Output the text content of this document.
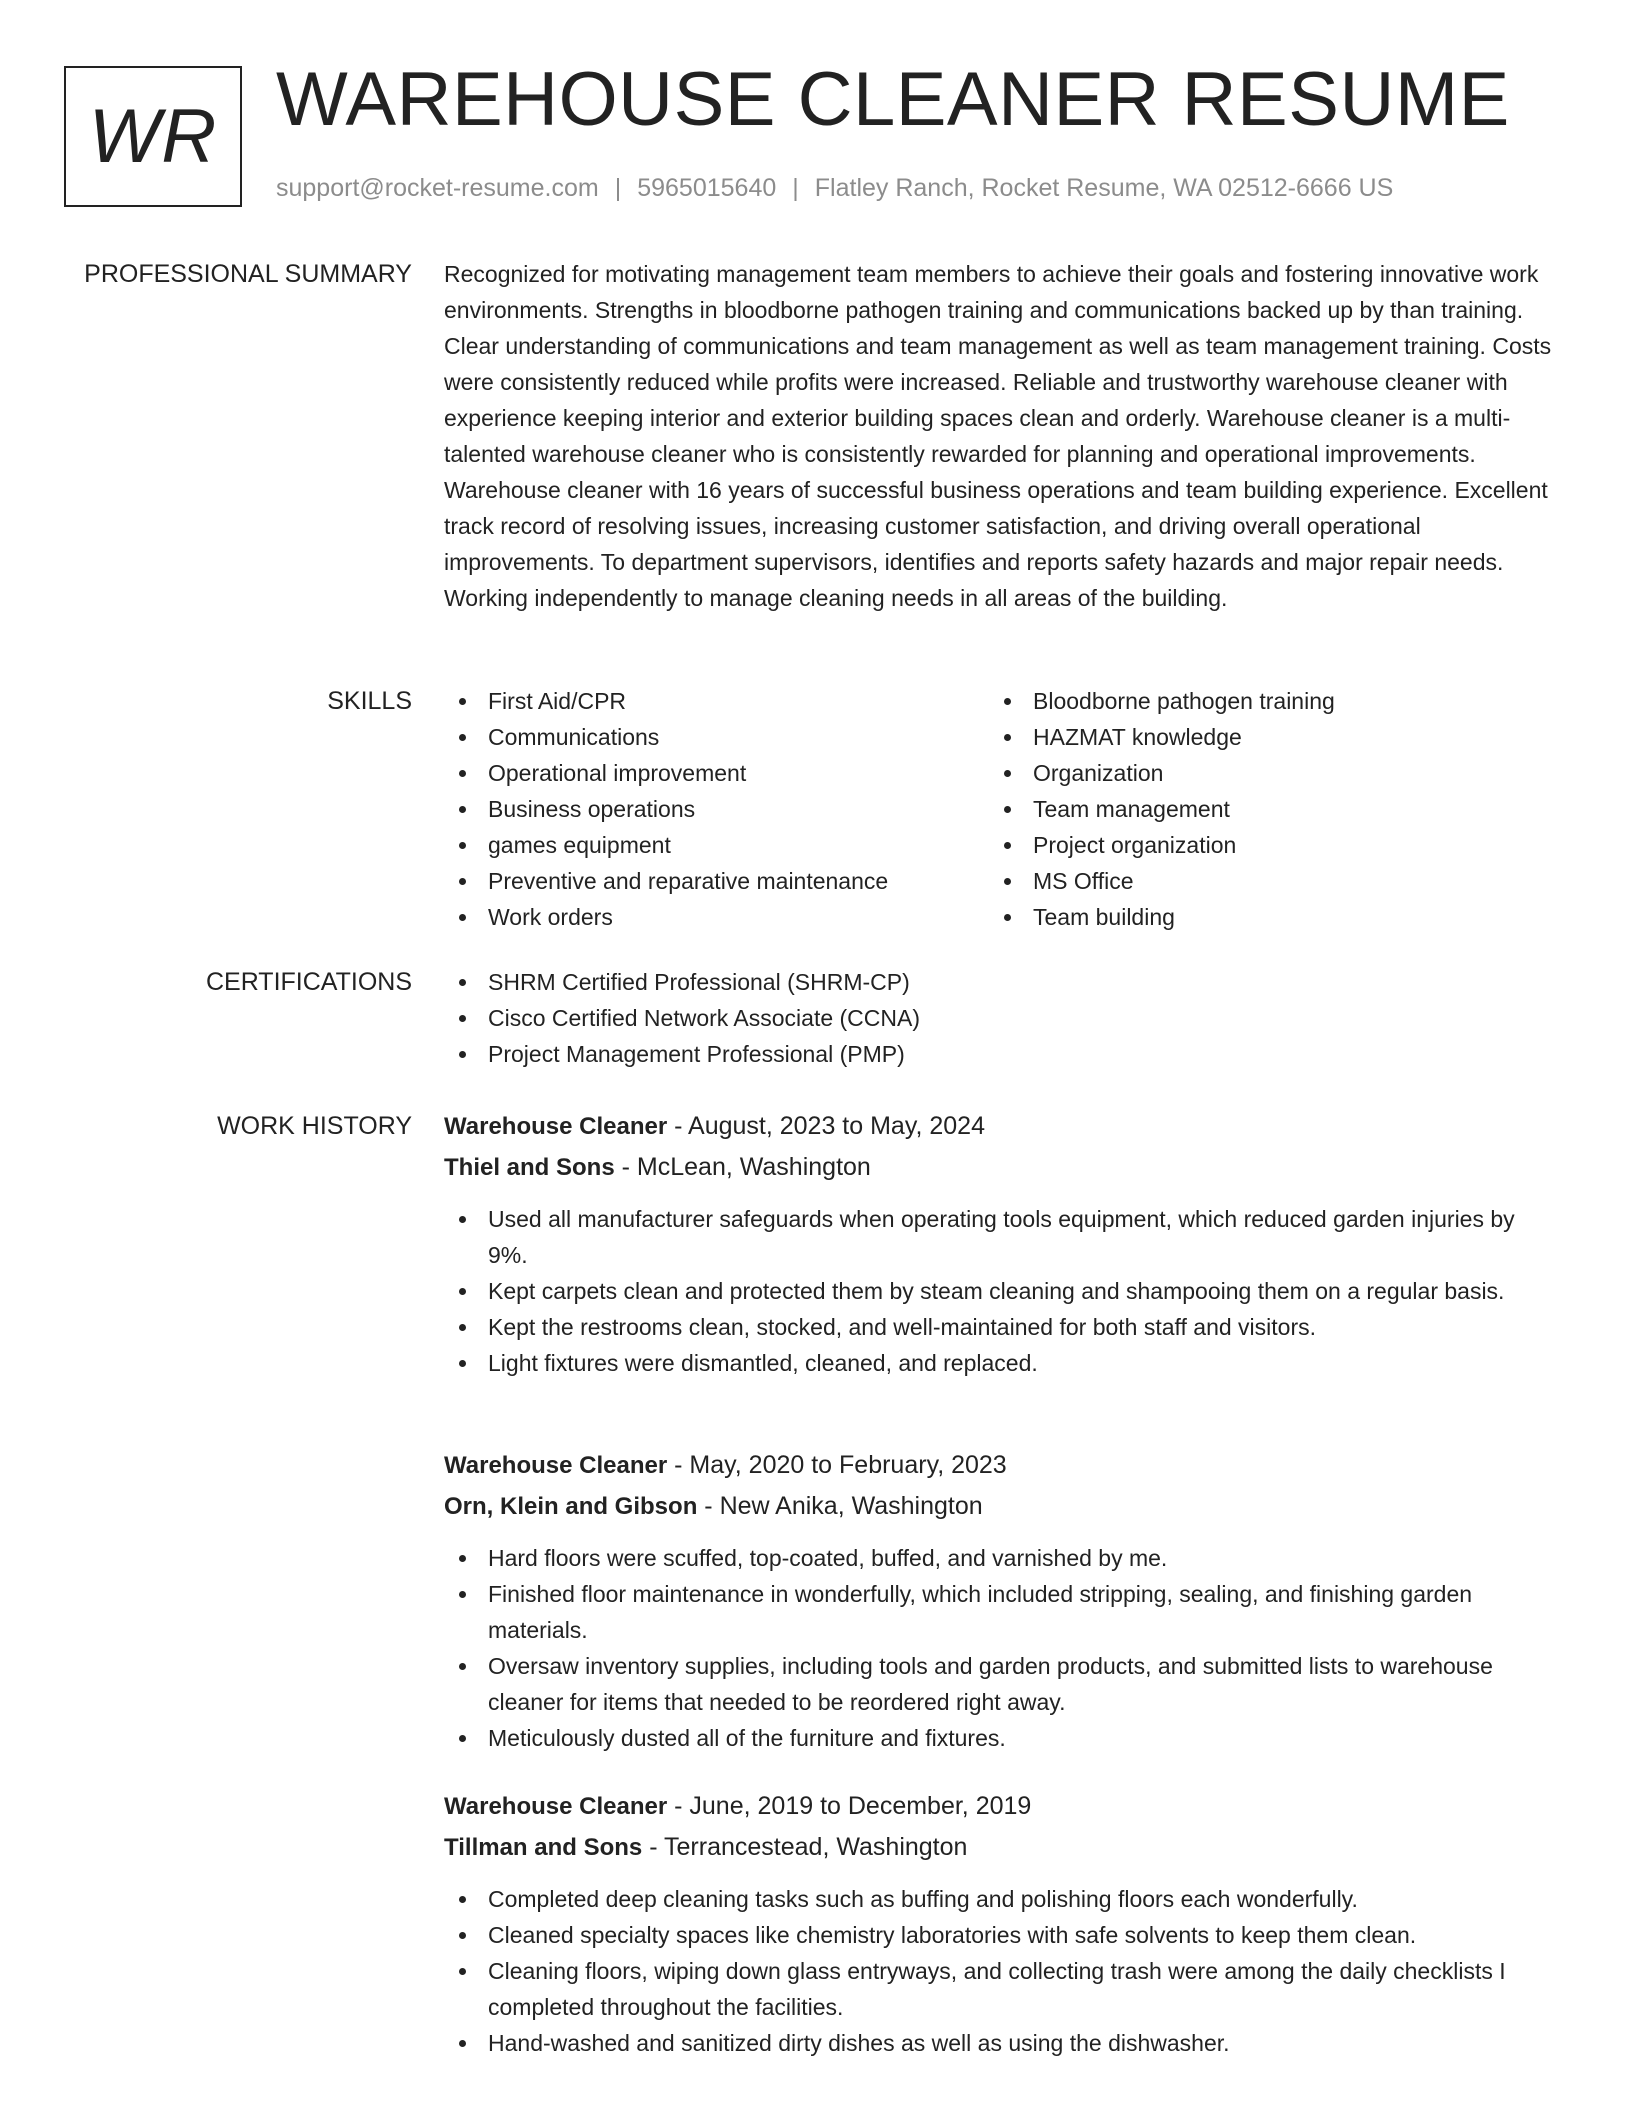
WR WAREHOUSE CLEANER RESUME
support@rocket-resume.com | 5965015640 | Flatley Ranch, Rocket Resume, WA 02512-6666 US
PROFESSIONAL SUMMARY Recognized for motivating management team members to achieve their goals and fostering innovative work environments. Strengths in bloodborne pathogen training and communications backed up by than training. Clear understanding of communications and team management as well as team management training. Costs were consistently reduced while profits were increased. Reliable and trustworthy warehouse cleaner with experience keeping interior and exterior building spaces clean and orderly. Warehouse cleaner is a multi-talented warehouse cleaner who is consistently rewarded for planning and operational improvements. Warehouse cleaner with 16 years of successful business operations and team building experience. Excellent track record of resolving issues, increasing customer satisfaction, and driving overall operational improvements. To department supervisors, identifies and reports safety hazards and major repair needs. Working independently to manage cleaning needs in all areas of the building.

SKILLS	First Aid/CPR
Communications
Operational improvement
Business operations
games equipment
Preventive and reparative maintenance
Work orders
Bloodborne pathogen training
HAZMAT knowledge
Organization
Team management
Project organization
MS Office
Team building
CERTIFICATIONS	SHRM Certified Professional (SHRM-CP)
Cisco Certified Network Associate (CCNA)
Project Management Professional (PMP)
WORK HISTORY Warehouse Cleaner - August, 2023 to May, 2024
Thiel and Sons - McLean, Washington
Used all manufacturer safeguards when operating tools equipment, which reduced garden injuries by 9%.
Kept carpets clean and protected them by steam cleaning and shampooing them on a regular basis.
Kept the restrooms clean, stocked, and well-maintained for both staff and visitors.
Light fixtures were dismantled, cleaned, and replaced.
Warehouse Cleaner - May, 2020 to February, 2023
Orn, Klein and Gibson - New Anika, Washington
Hard floors were scuffed, top-coated, buffed, and varnished by me.
Finished floor maintenance in wonderfully, which included stripping, sealing, and finishing garden materials.
Oversaw inventory supplies, including tools and garden products, and submitted lists to warehouse cleaner for items that needed to be reordered right away.
Meticulously dusted all of the furniture and fixtures.
Warehouse Cleaner - June, 2019 to December, 2019
Tillman and Sons - Terrancestead, Washington
Completed deep cleaning tasks such as buffing and polishing floors each wonderfully.
Cleaned specialty spaces like chemistry laboratories with safe solvents to keep them clean.
Cleaning floors, wiping down glass entryways, and collecting trash were among the daily checklists I completed throughout the facilities.
Hand-washed and sanitized dirty dishes as well as using the dishwasher.
